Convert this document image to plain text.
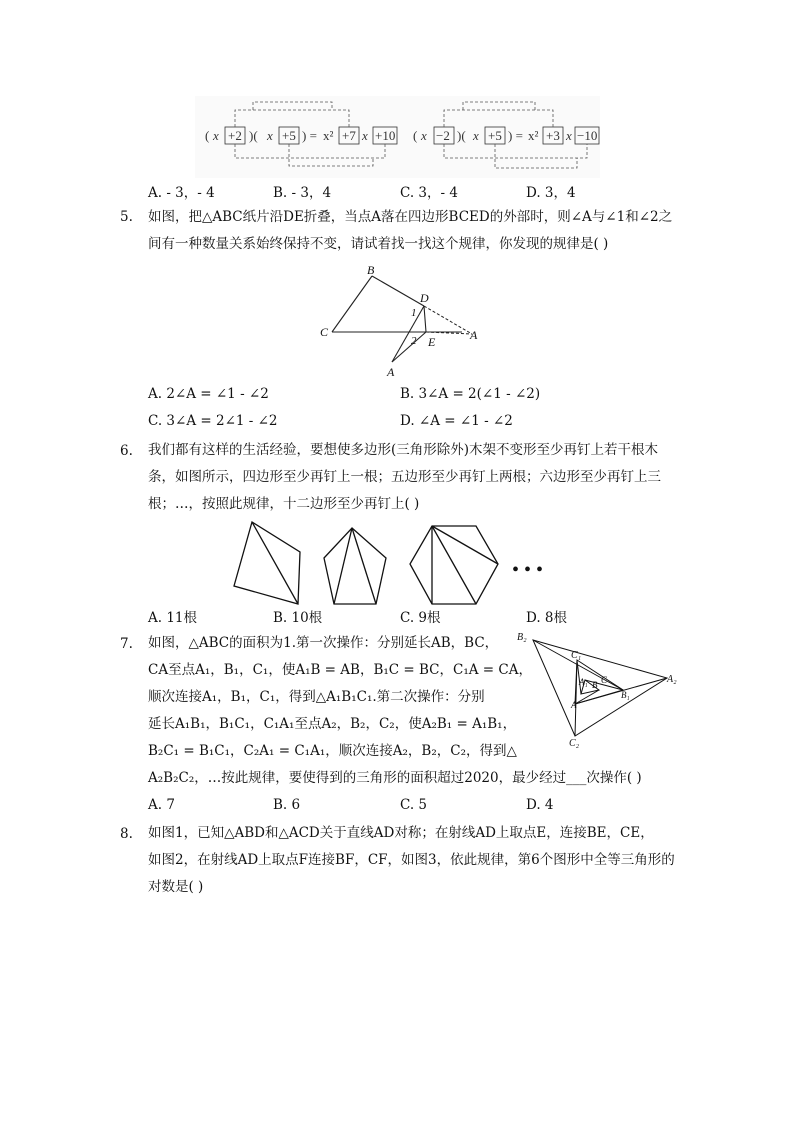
( x +2 )( x +5 ) = x² +7 x +10 ( x −2 )( x +5 ) = x² +3 x −10
A. - 3，- 4	B. - 3，4	C. 3，- 4	D. 3，4
5. 如图，把△ABC纸片沿DE折叠，当点A落在四边形BCED的外部时，则∠A与∠1和∠2之
间有一种数量关系始终保持不变，请试着找一找这个规律，你发现的规律是( )
B
C
D
E	A
A
1
2
A. 2∠A = ∠1 - ∠2	B. 3∠A = 2(∠1 - ∠2)
C. 3∠A = 2∠1 - ∠2	D. ∠A = ∠1 - ∠2
6. 我们都有这样的生活经验，要想使多边形(三角形除外)木架不变形至少再钉上若干根木
条，如图所示，四边形至少再钉上一根；五边形至少再钉上两根；六边形至少再钉上三
根；…，按照此规律，十二边形至少再钉上( )
• • •
A. 11根	B. 10根	C. 9根	D. 8根
7. 如图，△ABC的面积为1.第一次操作：分别延长AB，BC，
CA至点A₁，B₁，C₁，使A₁B = AB，B₁C = BC，C₁A = CA，
顺次连接A₁，B₁，C₁，得到△A₁B₁C₁.第二次操作：分别
延长A₁B₁，B₁C₁，C₁A₁至点A₂，B₂，C₂，使A₂B₁ = A₁B₁，
B₂C₁ = B₁C₁，C₂A₁ = C₁A₁，顺次连接A₂，B₂，C₂，得到△
A₂B₂C₂，…按此规律，要使得到的三角形的面积超过2020，最少经过___次操作( )
B₂
C₁
A₁
A
B
B₁
C	A₂
C₂
A. 7	B. 6	C. 5	D. 4
8. 如图1，已知△ABD和△ACD关于直线AD对称；在射线AD上取点E，连接BE，CE，
如图2，在射线AD上取点F连接BF，CF，如图3，依此规律，第6个图形中全等三角形的
对数是( )
